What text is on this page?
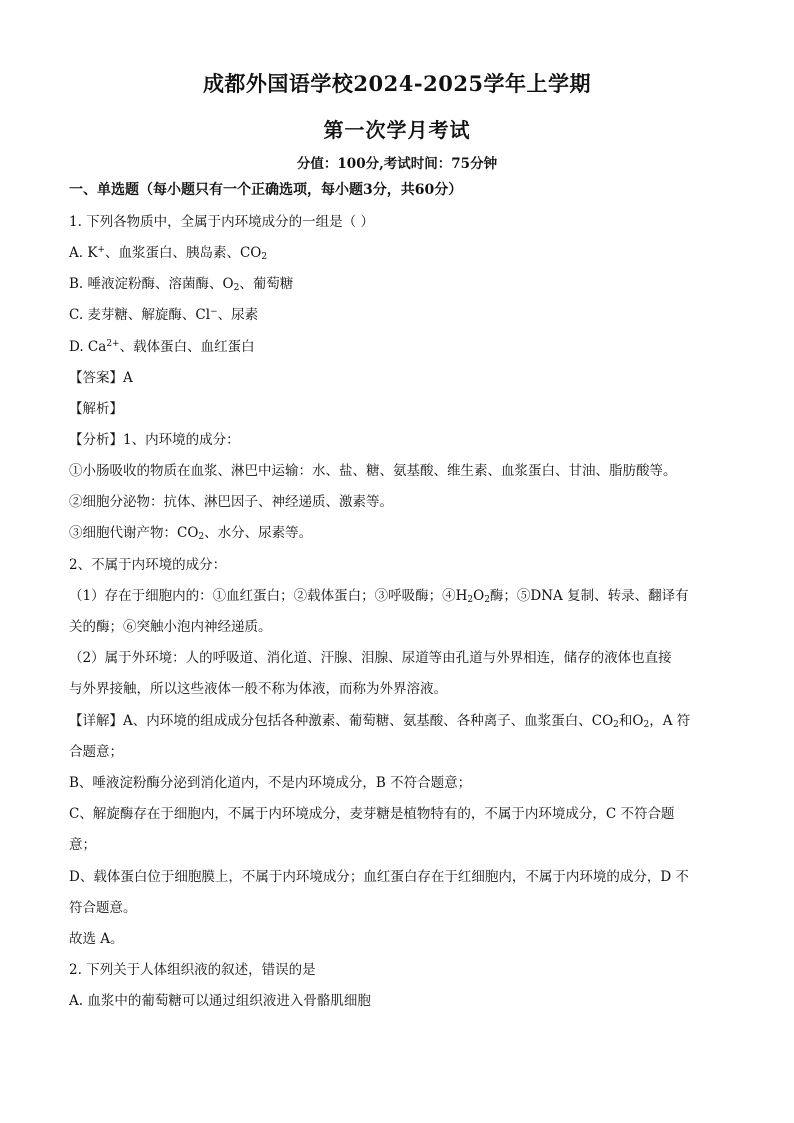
成都外国语学校2024-2025学年上学期
第一次学月考试
分值：100分,考试时间：75分钟
一、单选题（每小题只有一个正确选项，每小题3分，共60分）
1. 下列各物质中，全属于内环境成分的一组是（ ）
A. K+、血浆蛋白、胰岛素、$CO_2$
B. 唾液淀粉酶、溶菌酶、$O_2$、葡萄糖
C. 麦芽糖、解旋酶、Cl−、尿素
D. $Ca^{2+}$、载体蛋白、血红蛋白
【答案】A
【解析】
【分析】1、内环境的成分：
①小肠吸收的物质在血浆、淋巴中运输：水、盐、糖、氨基酸、维生素、血浆蛋白、甘油、脂肪酸等。
②细胞分泌物：抗体、淋巴因子、神经递质、激素等。
③细胞代谢产物：$CO_2$、水分、尿素等。
2、不属于内环境的成分：
（1）存在于细胞内的：①血红蛋白；②载体蛋白；③呼吸酶；$④H_2O_2$酶；⑤DNA 复制、转录、翻译有
关的酶；⑥突触小泡内神经递质。
（2）属于外环境：人的呼吸道、消化道、汗腺、泪腺、尿道等由孔道与外界相连，储存的液体也直接
与外界接触，所以这些液体一般不称为体液，而称为外界溶液。
【详解】A、内环境的组成成分包括各种激素、葡萄糖、氨基酸、各种离子、血浆蛋白、$CO_2$和$O_2$，A 符
合题意；
B、唾液淀粉酶分泌到消化道内，不是内环境成分，B 不符合题意；
C、解旋酶存在于细胞内，不属于内环境成分，麦芽糖是植物特有的，不属于内环境成分，C 不符合题
意；
D、载体蛋白位于细胞膜上，不属于内环境成分；血红蛋白存在于红细胞内，不属于内环境的成分，D 不
符合题意。
故选 A。
2. 下列关于人体组织液的叙述，错误的是
A. 血浆中的葡萄糖可以通过组织液进入骨骼肌细胞
